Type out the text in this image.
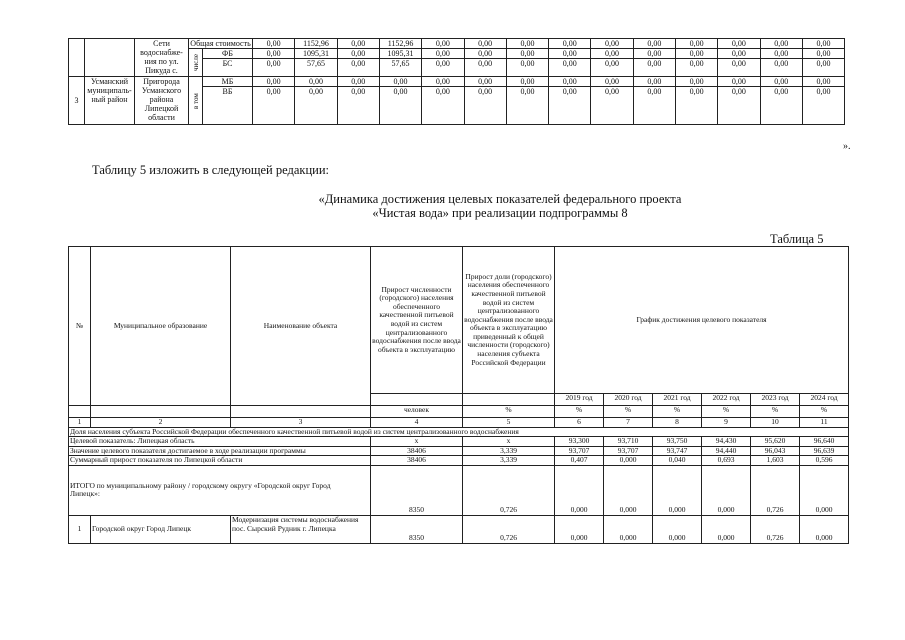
		Сети водоснабже-ния по ул. Пикуда с.	Общая стоимость		0,00	1152,96	0,00	1152,96	0,00	0,00	0,00	0,00	0,00	0,00	0,00	0,00	0,00	0,00
			числе	ФБ	0,00	1095,31	0,00	1095,31	0,00	0,00	0,00	0,00	0,00	0,00	0,00	0,00	0,00	0,00
				БС	0,00	57,65	0,00	57,65	0,00	0,00	0,00	0,00	0,00	0,00	0,00	0,00	0,00	0,00
3	Усманский муниципаль-ный район	Пригорода Усманского района Липецкой области	в том	МБ	0,00	0,00	0,00	0,00	0,00	0,00	0,00	0,00	0,00	0,00	0,00	0,00	0,00	0,00
				ВБ	0,00	0,00	0,00	0,00	0,00	0,00	0,00	0,00	0,00	0,00	0,00	0,00	0,00	0,00
».
Таблицу 5 изложить в следующей редакции:
«Динамика достижения целевых показателей федерального проекта
«Чистая вода» при реализации подпрограммы 8
Таблица 5
№	Муниципальное образование	Наименование объекта	Прирост численности (городского) населения обеспеченного качественной питьевой водой из систем централизованного водоснабжения после ввода объекта в эксплуатацию	Прирост доли (городского) населения обеспеченного качественной питьевой водой из систем централизованного водоснабжения после ввода объекта в эксплуатацию приведенный к общей численности (городского) населения субъекта Российской Федерации	График достижения целевого показателя					
					2019 год	2020 год	2021 год	2022 год	2023 год	2024 год
			человек	%	%	%	%	%	%	%
1	2	3	4	5	6	7	8	9	10	11
Доля населения субъекта Российской Федерации обеспеченного качественной питьевой водой из систем централизованного водоснабжения										
Целевой показатель: Липецкая область			х	х	93,300	93,710	93,750	94,430	95,620	96,640
Значение целевого показателя достигаемое в ходе реализации программы			38406	3,339	93,707	93,707	93,747	94,440	96,043	96,639
Суммарный прирост показателя по Липецкой области			38406	3,339	0,407	0,000	0,040	0,693	1,603	0,596
ИТОГО по муниципальному району / городскому округу «Городской округ Город Липецк»:			8350	0,726	0,000	0,000	0,000	0,000	0,726	0,000
1	Городской округ Город Липецк	Модернизация системы водоснабжения пос. Сырский Рудник г. Липецка	8350	0,726	0,000	0,000	0,000	0,000	0,726	0,000
